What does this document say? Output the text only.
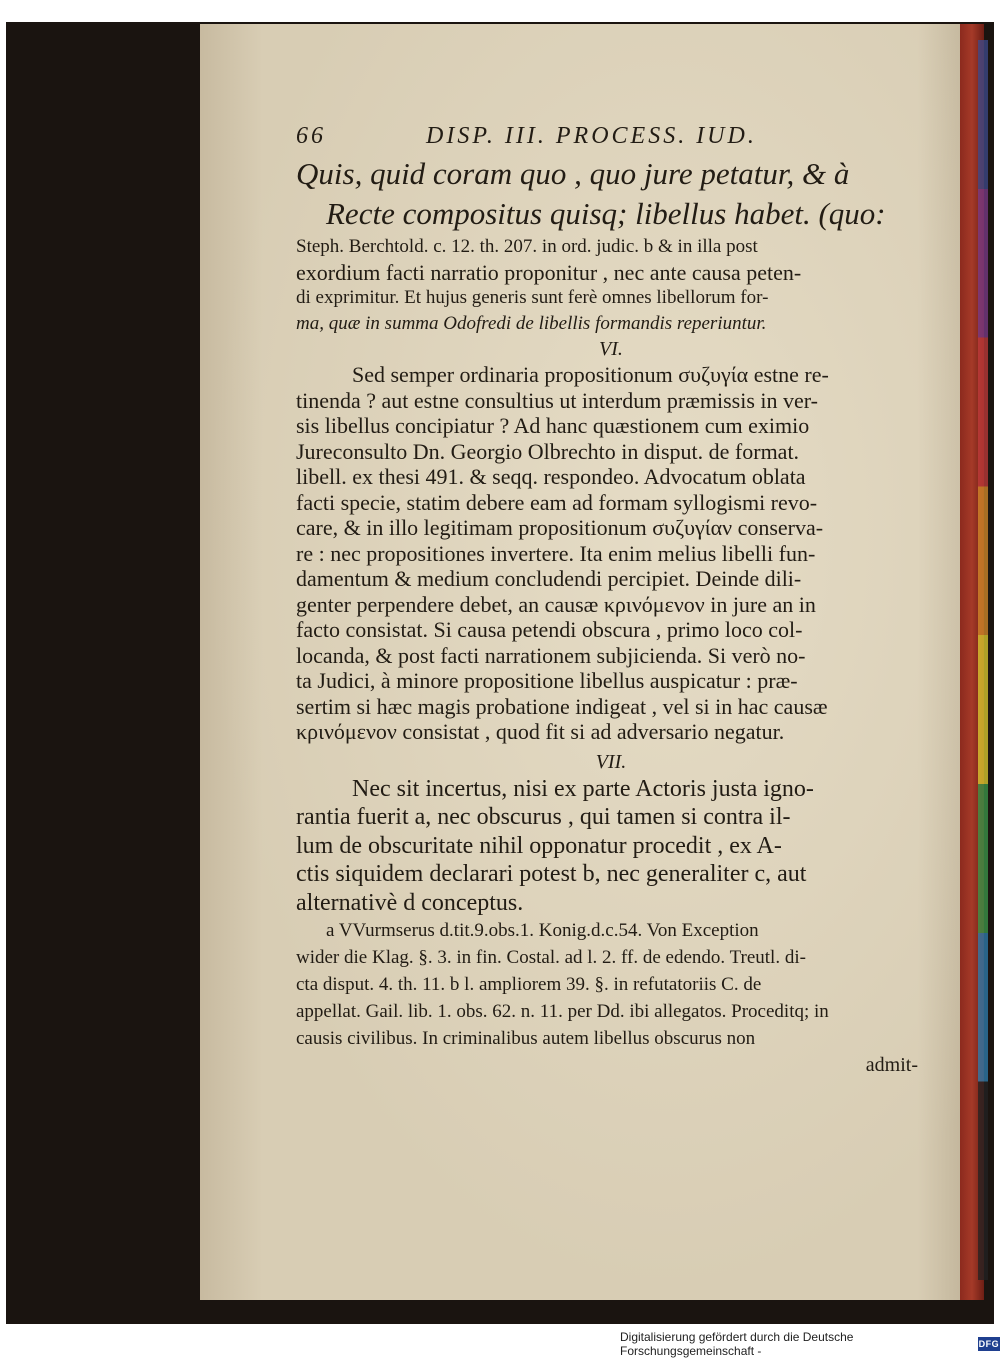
66	DISP. III. PROCESS. IUD.
Quis, quid coram quo , quo jure petatur, & à
Recte compositus quisq; libellus habet. (quo:
Steph. Berchtold. c. 12. th. 207. in ord. judic. b & in illa post
exordium facti narratio proponitur , nec ante causa peten-
di exprimitur. Et hujus generis sunt ferè omnes libellorum for-
ma, quæ in summa Odofredi de libellis formandis reperiuntur.
VI.
Sed semper ordinaria propositionum συζυγία estne re-
tinenda ? aut estne consultius ut interdum præmissis in ver-
sis libellus concipiatur ? Ad hanc quæstionem cum eximio
Jureconsulto Dn. Georgio Olbrechto in disput. de format.
libell. ex thesi 491. & seqq. respondeo. Advocatum oblata
facti specie, statim debere eam ad formam syllogismi revo-
care, & in illo legitimam propositionum συζυγίαν conserva-
re : nec propositiones invertere. Ita enim melius libelli fun-
damentum & medium concludendi percipiet. Deinde dili-
genter perpendere debet, an causæ κρινόμενον in jure an in
facto consistat. Si causa petendi obscura , primo loco col-
locanda, & post facti narrationem subjicienda. Si verò no-
ta Judici, à minore propositione libellus auspicatur : præ-
sertim si hæc magis probatione indigeat , vel si in hac causæ
κρινόμενον consistat , quod fit si ad adversario negatur.
VII.
Nec sit incertus, nisi ex parte Actoris justa igno-
rantia fuerit a, nec obscurus , qui tamen si contra il-
lum de obscuritate nihil opponatur procedit , ex A-
ctis siquidem declarari potest b, nec generaliter c, aut
alternativè d conceptus.
a VVurmserus d.tit.9.obs.1. Konig.d.c.54. Von Exception
wider die Klag. §. 3. in fin. Costal. ad l. 2. ff. de edendo. Treutl. di-
cta disput. 4. th. 11. b l. ampliorem 39. §. in refutatoriis C. de
appellat. Gail. lib. 1. obs. 62. n. 11. per Dd. ibi allegatos. Proceditq; in
causis civilibus. In criminalibus autem libellus obscurus non
admit-
Digitalisierung gefördert durch die Deutsche Forschungsgemeinschaft -	DFG
